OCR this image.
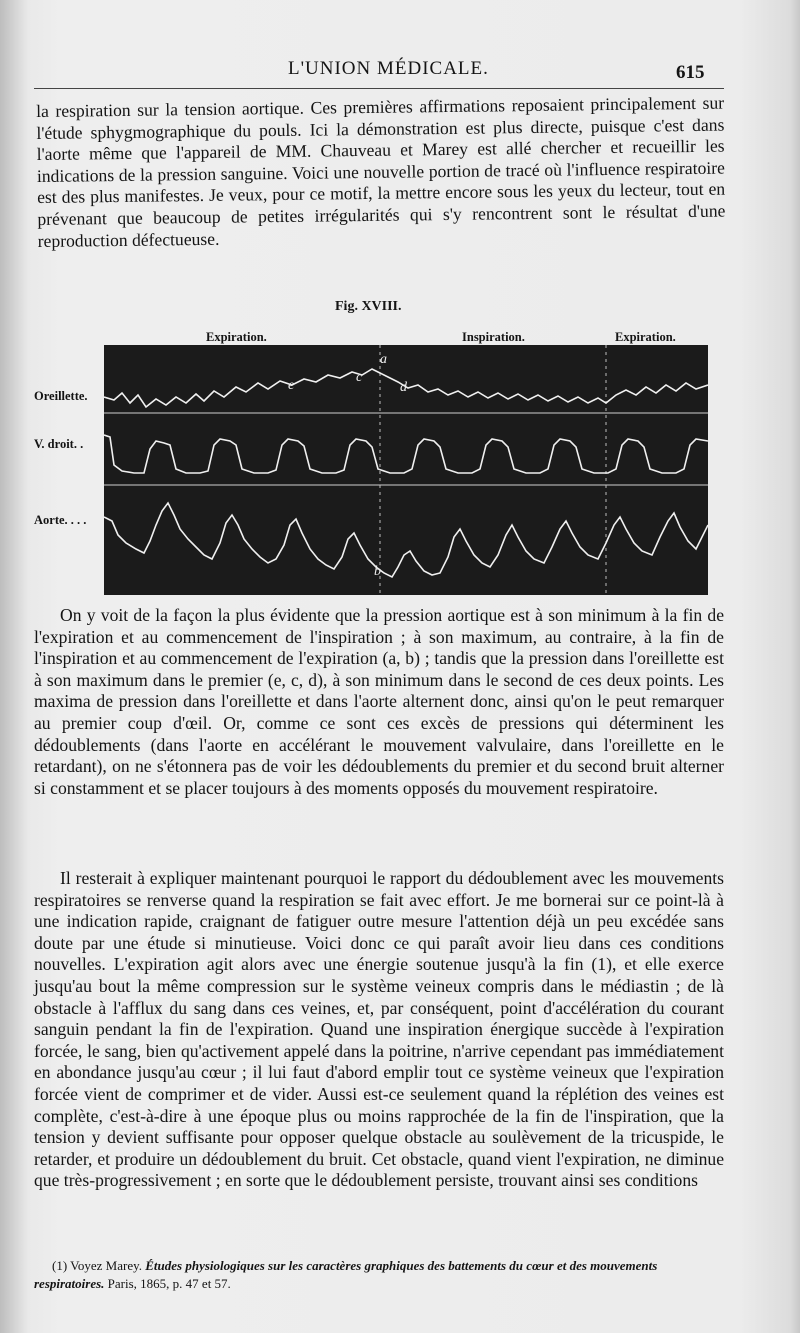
L'UNION MÉDICALE.	615
la respiration sur la tension aortique. Ces premières affirmations reposaient principalement sur l'étude sphygmographique du pouls. Ici la démonstration est plus directe, puisque c'est dans l'aorte même que l'appareil de MM. Chauveau et Marey est allé chercher et recueillir les indications de la pression sanguine. Voici une nouvelle portion de tracé où l'influence respiratoire est des plus manifestes. Je veux, pour ce motif, la mettre encore sous les yeux du lecteur, tout en prévenant que beaucoup de petites irrégularités qui s'y rencontrent sont le résultat d'une reproduction défectueuse.
Fig. XVIII.
Expiration.	Inspiration.	Expiration.
Oreillette.
V. droit. .
Aorte. . . .
a
e
c
d
b
On y voit de la façon la plus évidente que la pression aortique est à son minimum à la fin de l'expiration et au commencement de l'inspiration ; à son maximum, au contraire, à la fin de l'inspiration et au commencement de l'expiration (a, b) ; tandis que la pression dans l'oreillette est à son maximum dans le premier (e, c, d), à son minimum dans le second de ces deux points. Les maxima de pression dans l'oreillette et dans l'aorte alternent donc, ainsi qu'on le peut remarquer au premier coup d'œil. Or, comme ce sont ces excès de pressions qui déterminent les dédoublements (dans l'aorte en accélérant le mouvement valvulaire, dans l'oreillette en le retardant), on ne s'étonnera pas de voir les dédoublements du premier et du second bruit alterner si constamment et se placer toujours à des moments opposés du mouvement respiratoire.
Il resterait à expliquer maintenant pourquoi le rapport du dédoublement avec les mouvements respiratoires se renverse quand la respiration se fait avec effort. Je me bornerai sur ce point-là à une indication rapide, craignant de fatiguer outre mesure l'attention déjà un peu excédée sans doute par une étude si minutieuse. Voici donc ce qui paraît avoir lieu dans ces conditions nouvelles. L'expiration agit alors avec une énergie soutenue jusqu'à la fin (1), et elle exerce jusqu'au bout la même compression sur le système veineux compris dans le médiastin ; de là obstacle à l'afflux du sang dans ces veines, et, par conséquent, point d'accélération du courant sanguin pendant la fin de l'expiration. Quand une inspiration énergique succède à l'expiration forcée, le sang, bien qu'activement appelé dans la poitrine, n'arrive cependant pas immédiatement en abondance jusqu'au cœur ; il lui faut d'abord emplir tout ce système veineux que l'expiration forcée vient de comprimer et de vider. Aussi est-ce seulement quand la réplétion des veines est complète, c'est-à-dire à une époque plus ou moins rapprochée de la fin de l'inspiration, que la tension y devient suffisante pour opposer quelque obstacle au soulèvement de la tricuspide, le retarder, et produire un dédoublement du bruit. Cet obstacle, quand vient l'expiration, ne diminue que très-progressivement ; en sorte que le dédoublement persiste, trouvant ainsi ses conditions
(1) Voyez Marey. Études physiologiques sur les caractères graphiques des battements du cœur et des mouvements respiratoires. Paris, 1865, p. 47 et 57.
